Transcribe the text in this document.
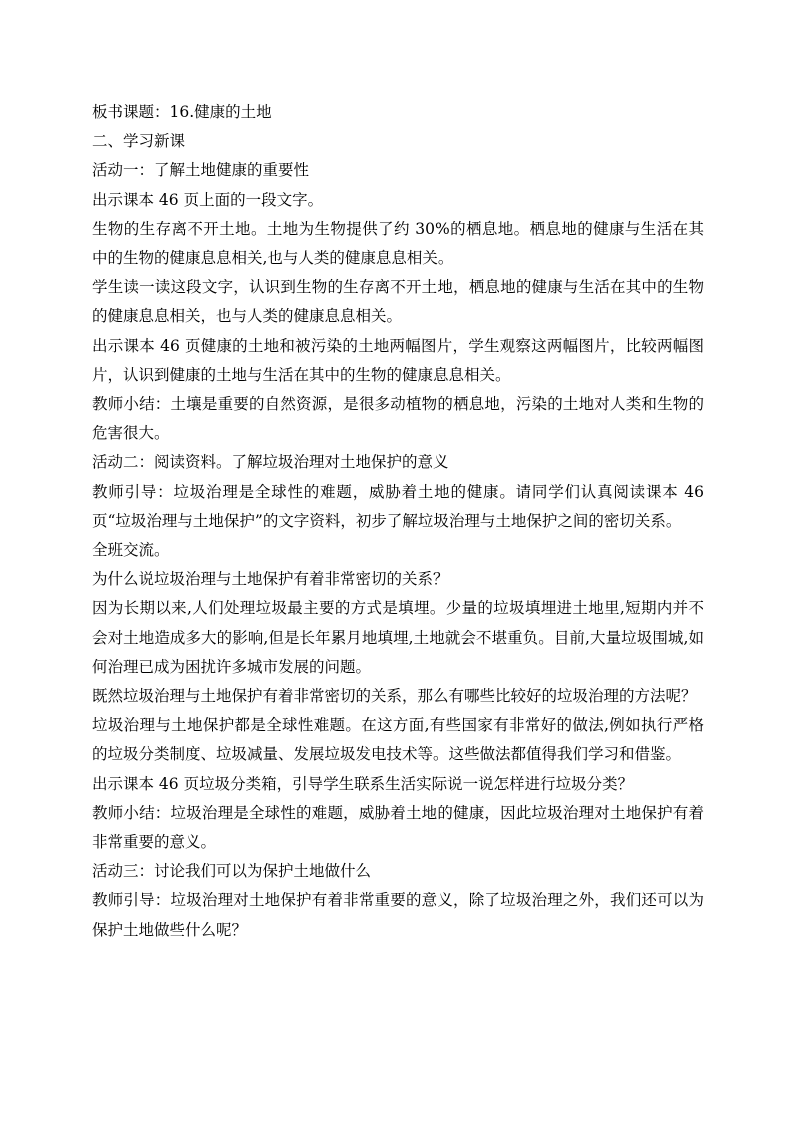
板书课题：16.健康的土地

二、学习新课

活动一：了解土地健康的重要性

出示课本 46 页上面的一段文字。

生物的生存离不开土地。土地为生物提供了约 30%的栖息地。栖息地的健康与生活在其中的生物的健康息息相关,也与人类的健康息息相关。

学生读一读这段文字，认识到生物的生存离不开土地，栖息地的健康与生活在其中的生物的健康息息相关，也与人类的健康息息相关。

出示课本 46 页健康的土地和被污染的土地两幅图片，学生观察这两幅图片，比较两幅图片，认识到健康的土地与生活在其中的生物的健康息息相关。

教师小结：土壤是重要的自然资源，是很多动植物的栖息地，污染的土地对人类和生物的危害很大。

活动二：阅读资料。了解垃圾治理对土地保护的意义

教师引导：垃圾治理是全球性的难题，威胁着土地的健康。请同学们认真阅读课本 46 页“垃圾治理与土地保护”的文字资料，初步了解垃圾治理与土地保护之间的密切关系。

全班交流。

为什么说垃圾治理与土地保护有着非常密切的关系？

因为长期以来,人们处理垃圾最主要的方式是填埋。少量的垃圾填埋进土地里,短期内并不会对土地造成多大的影响,但是长年累月地填埋,土地就会不堪重负。目前,大量垃圾围城,如何治理已成为困扰许多城市发展的问题。

既然垃圾治理与土地保护有着非常密切的关系，那么有哪些比较好的垃圾治理的方法呢？

垃圾治理与土地保护都是全球性难题。在这方面,有些国家有非常好的做法,例如执行严格的垃圾分类制度、垃圾减量、发展垃圾发电技术等。这些做法都值得我们学习和借鉴。

出示课本 46 页垃圾分类箱，引导学生联系生活实际说一说怎样进行垃圾分类？

教师小结：垃圾治理是全球性的难题，威胁着土地的健康，因此垃圾治理对土地保护有着非常重要的意义。

活动三：讨论我们可以为保护土地做什么

教师引导：垃圾治理对土地保护有着非常重要的意义，除了垃圾治理之外，我们还可以为保护土地做些什么呢？
